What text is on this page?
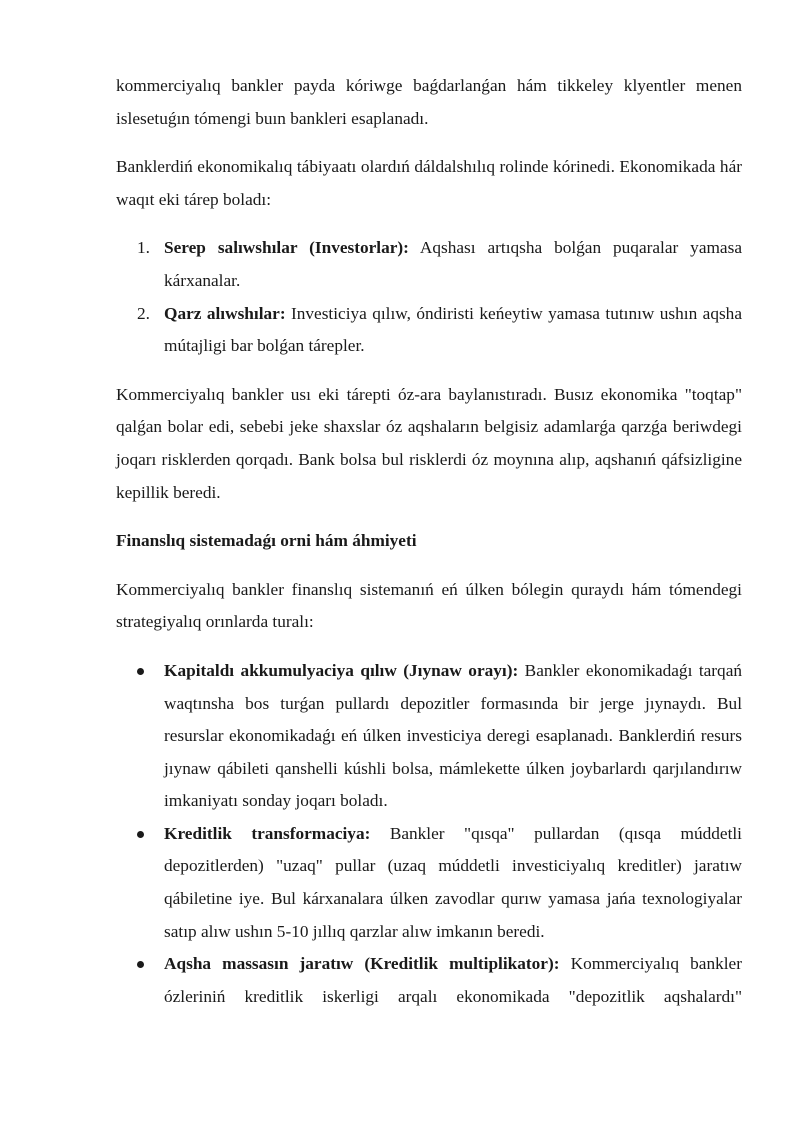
kommerciyalıq bankler payda kóriwge baǵdarlanǵan hám tikkeley klyentler menen islesetuǵın tómengi buın bankleri esaplanadı.

Banklerdiń ekonomikalıq tábiyaatı olardıń dáldalshılıq rolinde kórinedi. Ekonomikada hár waqıt eki tárep boladı:

1. Serep salıwshılar (Investorlar): Aqshası artıqsha bolǵan puqaralar yamasa kárxanalar.
2. Qarz alıwshılar: Investiciya qılıw, óndiristi keńeytiw yamasa tutınıw ushın aqsha mútajligi bar bolǵan tárepler.

Kommerciyalıq bankler usı eki tárepti óz-ara baylanıstıradı. Busız ekonomika "toqtap" qalǵan bolar edi, sebebi jeke shaxslar óz aqshaların belgisiz adamlarǵa qarzǵa beriwdegi joqarı risklerden qorqadı. Bank bolsa bul risklerdi óz moynına alıp, aqshanıń qáfsizligine kepillik beredi.

Finanslıq sistemadaǵı orni hám áhmiyeti

Kommerciyalıq bankler finanslıq sistemanıń eń úlken bólegin quraydı hám tómendegi strategiyalıq orınlarda turalı:

Kapitaldı akkumulyaciya qılıw (Jıynaw orayı): Bankler ekonomikadaǵı tarqań waqtınsha bos turǵan pullardı depozitler formasında bir jerge jıynaydı. Bul resurslar ekonomikadaǵı eń úlken investiciya deregi esaplanadı. Banklerdiń resurs jıynaw qábileti qanshelli kúshli bolsa, mámlekette úlken joybarlardı qarjılandırıw imkaniyatı sonday joqarı boladı.
Kreditlik transformaciya: Bankler "qısqa" pullardan (qısqa múddetli depozitlerden) "uzaq" pullar (uzaq múddetli investiciyalıq kreditler) jaratıw qábiletine iye. Bul kárxanalara úlken zavodlar qurıw yamasa jańa texnologiyalar satıp alıw ushın 5-10 jıllıq qarzlar alıw imkanın beredi.
Aqsha massasın jaratıw (Kreditlik multiplikator): Kommerciyalıq bankler ózleriniń kreditlik iskerligi arqalı ekonomikada "depozitlik aqshalardı"
